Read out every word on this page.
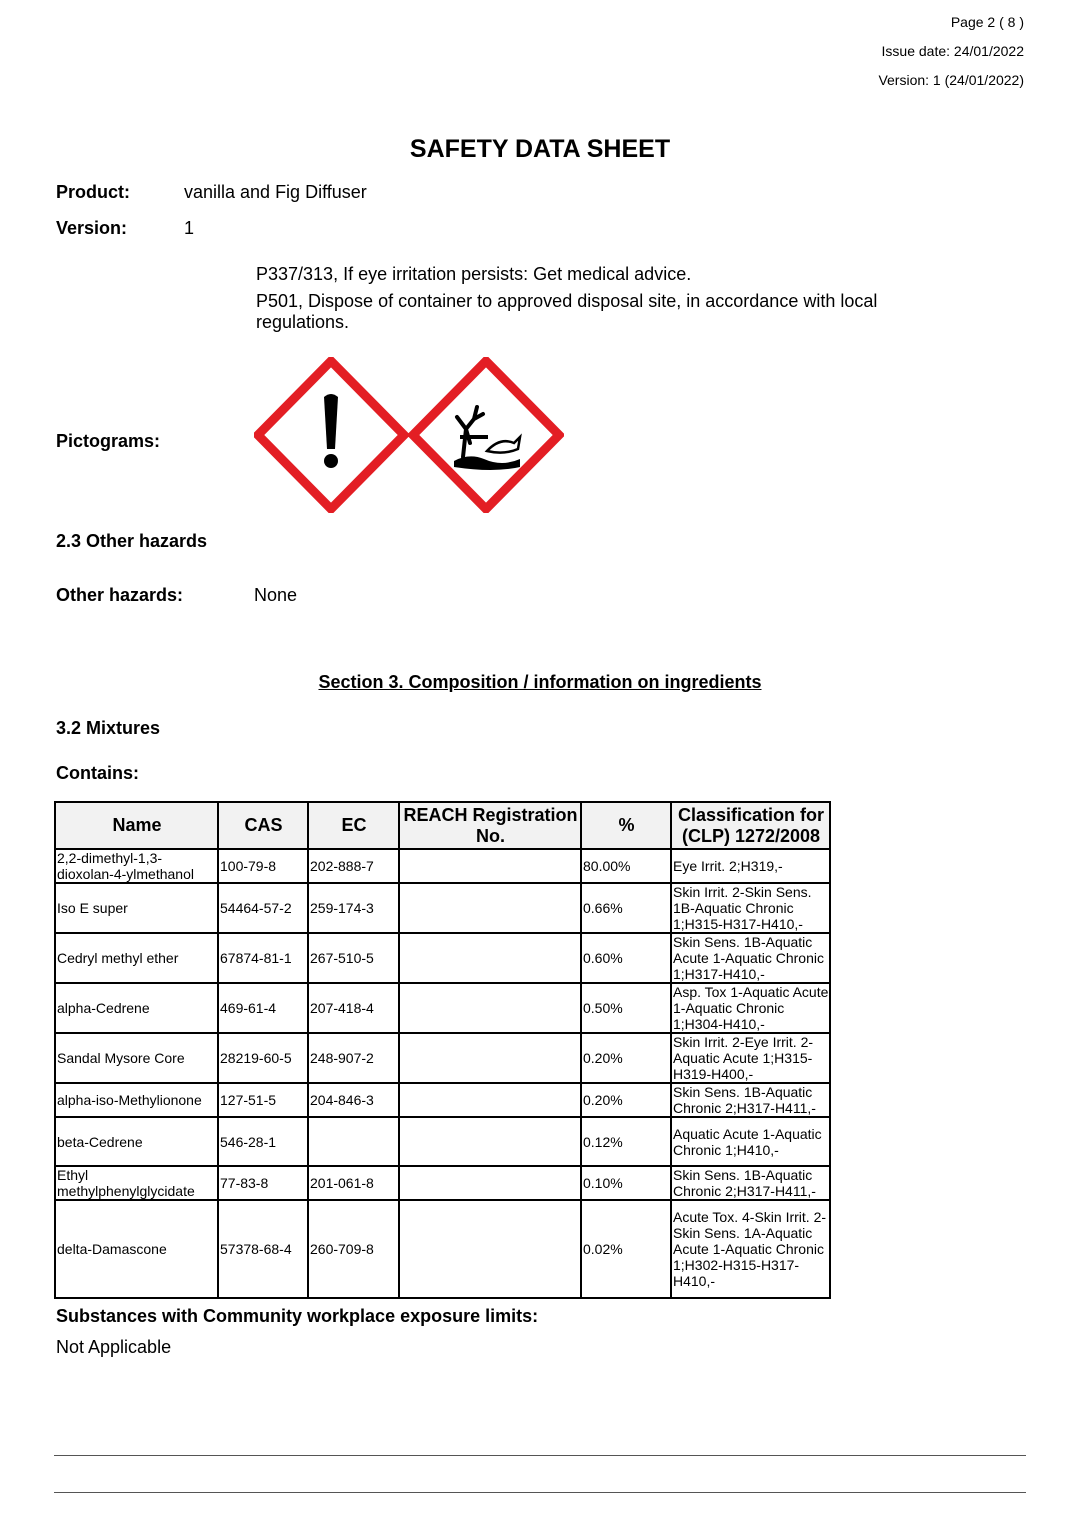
Page 2 ( 8 )
Issue date: 24/01/2022
Version: 1 (24/01/2022)
SAFETY DATA SHEET
Product:	vanilla and Fig Diffuser
Version:	1
P337/313, If eye irritation persists: Get medical advice.
P501, Dispose of container to approved disposal site, in accordance with local regulations.
Pictograms:
2.3 Other hazards
Other hazards:	None
Section 3. Composition / information on ingredients
3.2 Mixtures
Contains:
Name	CAS	EC	REACH Registration No.	%	Classification for (CLP) 1272/2008
2,2-dimethyl-1,3-dioxolan-4-ylmethanol	100-79-8	202-888-7		80.00%	Eye Irrit. 2;H319,-
Iso E super	54464-57-2	259-174-3		0.66%	Skin Irrit. 2-Skin Sens. 1B-Aquatic Chronic 1;H315-H317-H410,-
Cedryl methyl ether	67874-81-1	267-510-5		0.60%	Skin Sens. 1B-Aquatic Acute 1-Aquatic Chronic 1;H317-H410,-
alpha-Cedrene	469-61-4	207-418-4		0.50%	Asp. Tox 1-Aquatic Acute 1-Aquatic Chronic 1;H304-H410,-
Sandal Mysore Core	28219-60-5	248-907-2		0.20%	Skin Irrit. 2-Eye Irrit. 2-Aquatic Acute 1;H315-H319-H400,-
alpha-iso-Methylionone	127-51-5	204-846-3		0.20%	Skin Sens. 1B-Aquatic Chronic 2;H317-H411,-
beta-Cedrene	546-28-1			0.12%	Aquatic Acute 1-Aquatic Chronic 1;H410,-
Ethyl methylphenylglycidate	77-83-8	201-061-8		0.10%	Skin Sens. 1B-Aquatic Chronic 2;H317-H411,-
delta-Damascone	57378-68-4	260-709-8		0.02%	Acute Tox. 4-Skin Irrit. 2-Skin Sens. 1A-Aquatic Acute 1-Aquatic Chronic 1;H302-H315-H317-H410,-
Substances with Community workplace exposure limits:
Not Applicable
